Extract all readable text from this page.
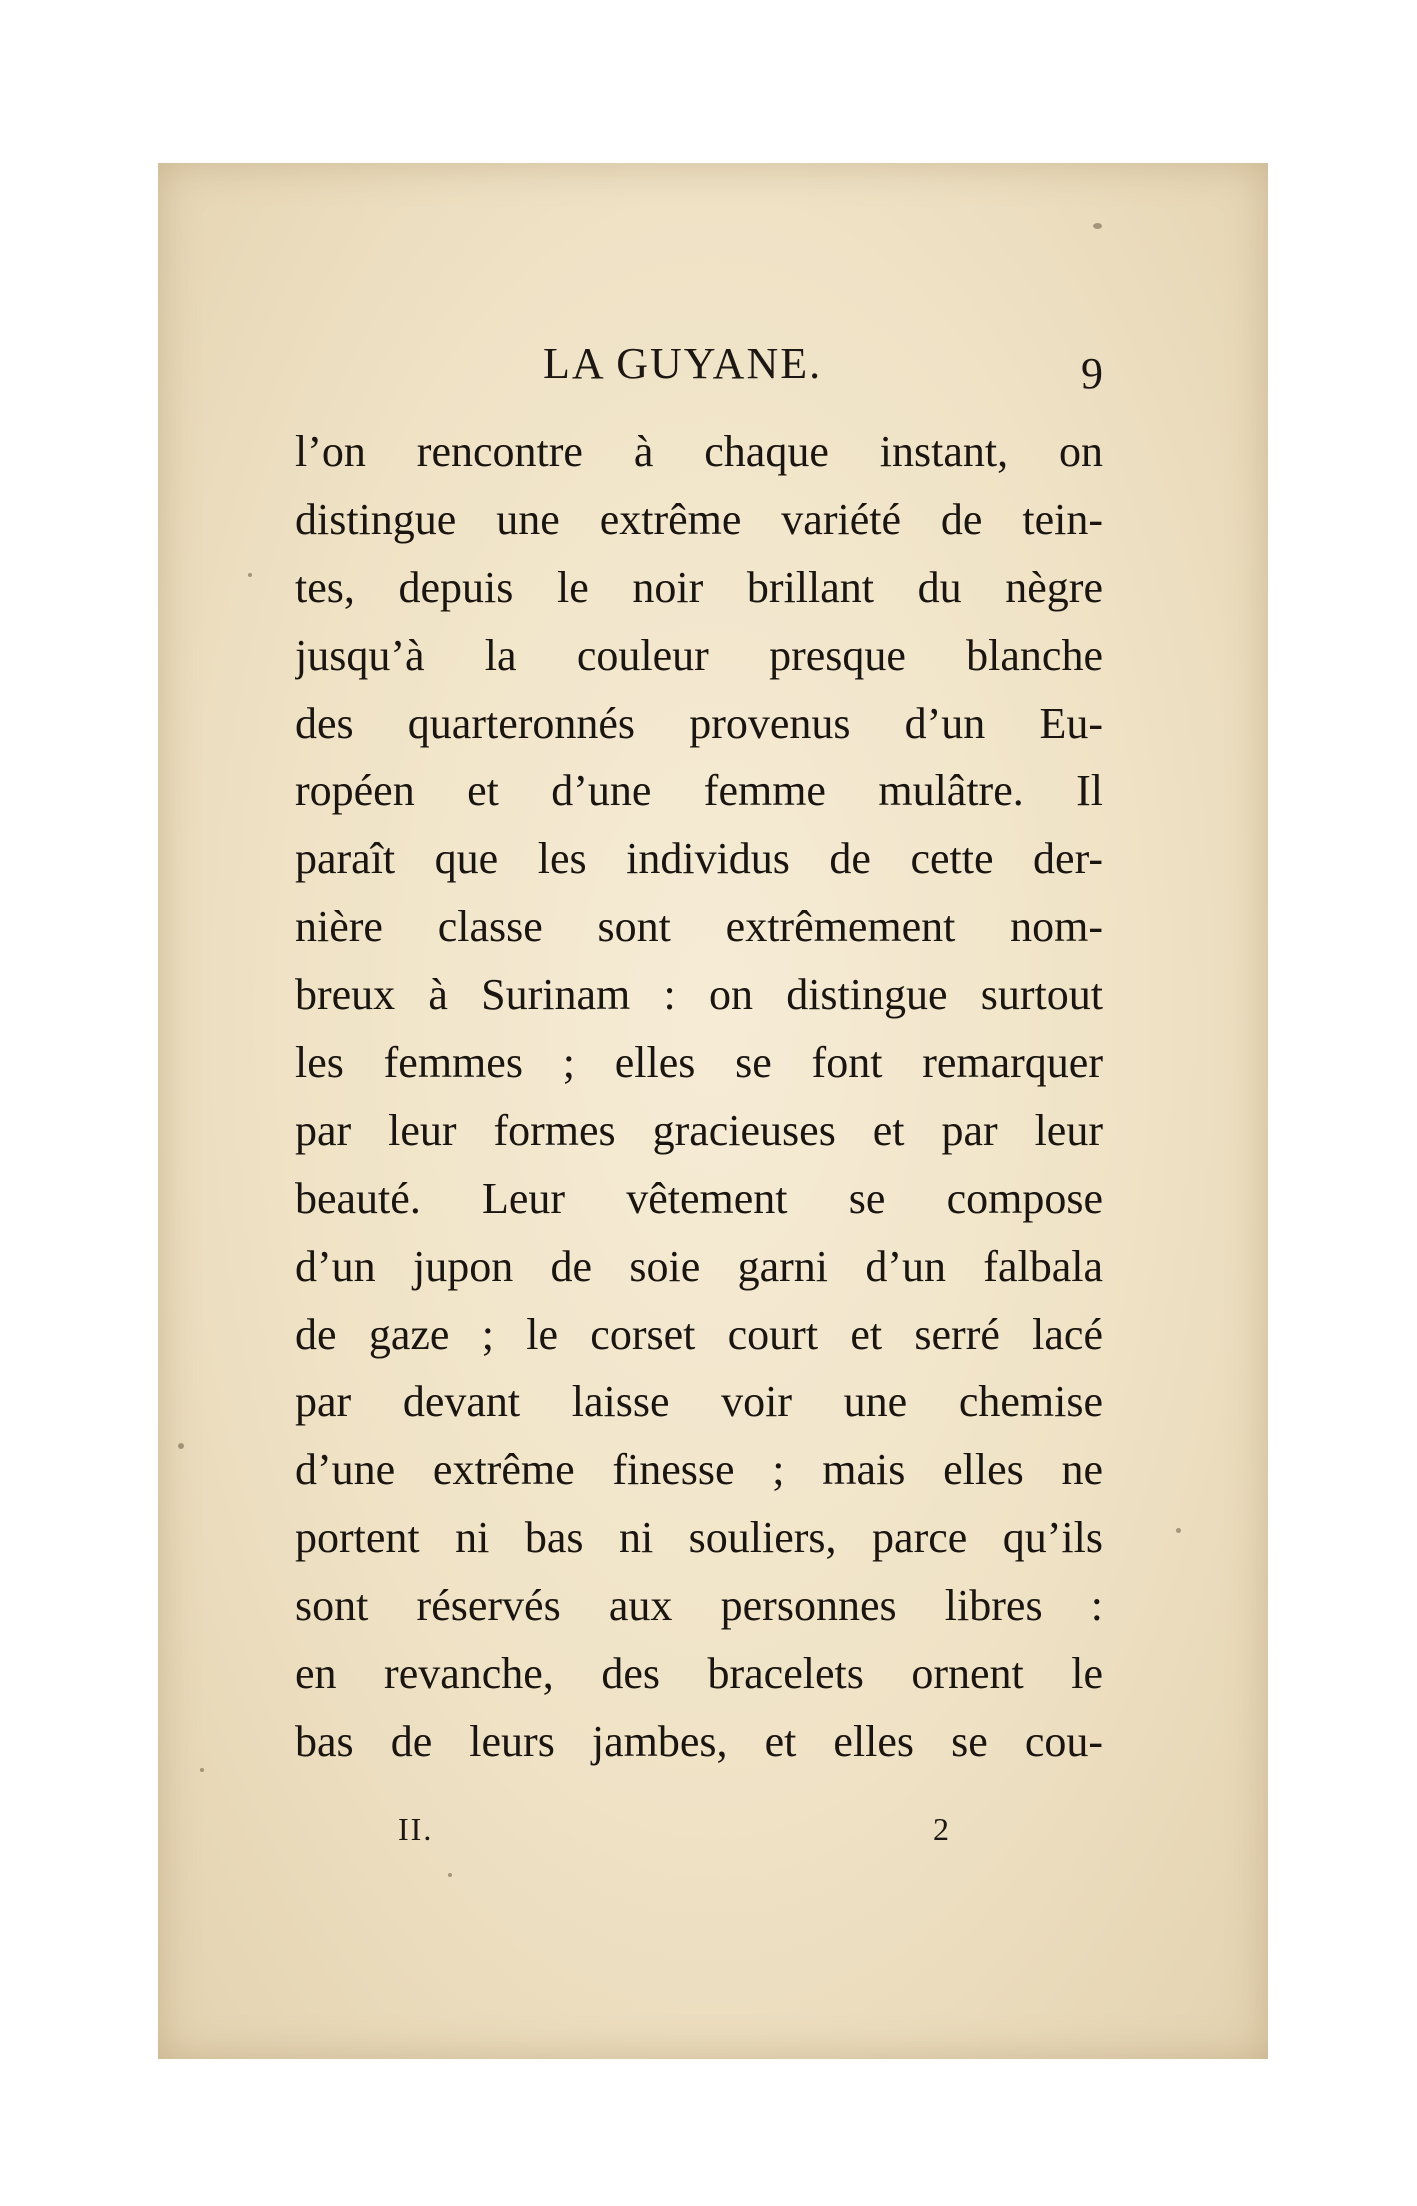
LA GUYANE.	9
l’on rencontre à chaque instant, on
distingue une extrême variété de tein-
tes, depuis le noir brillant du nègre
jusqu’à la couleur presque blanche
des quarteronnés provenus d’un Eu-
ropéen et d’une femme mulâtre. Il
paraît que les individus de cette der-
nière classe sont extrêmement nom-
breux à Surinam : on distingue surtout
les femmes ; elles se font remarquer
par leur formes gracieuses et par leur
beauté. Leur vêtement se compose
d’un jupon de soie garni d’un falbala
de gaze ; le corset court et serré lacé
par devant laisse voir une chemise
d’une extrême finesse ; mais elles ne
portent ni bas ni souliers, parce qu’ils
sont réservés aux personnes libres :
en revanche, des bracelets ornent le
bas de leurs jambes, et elles se cou-
II.	2
